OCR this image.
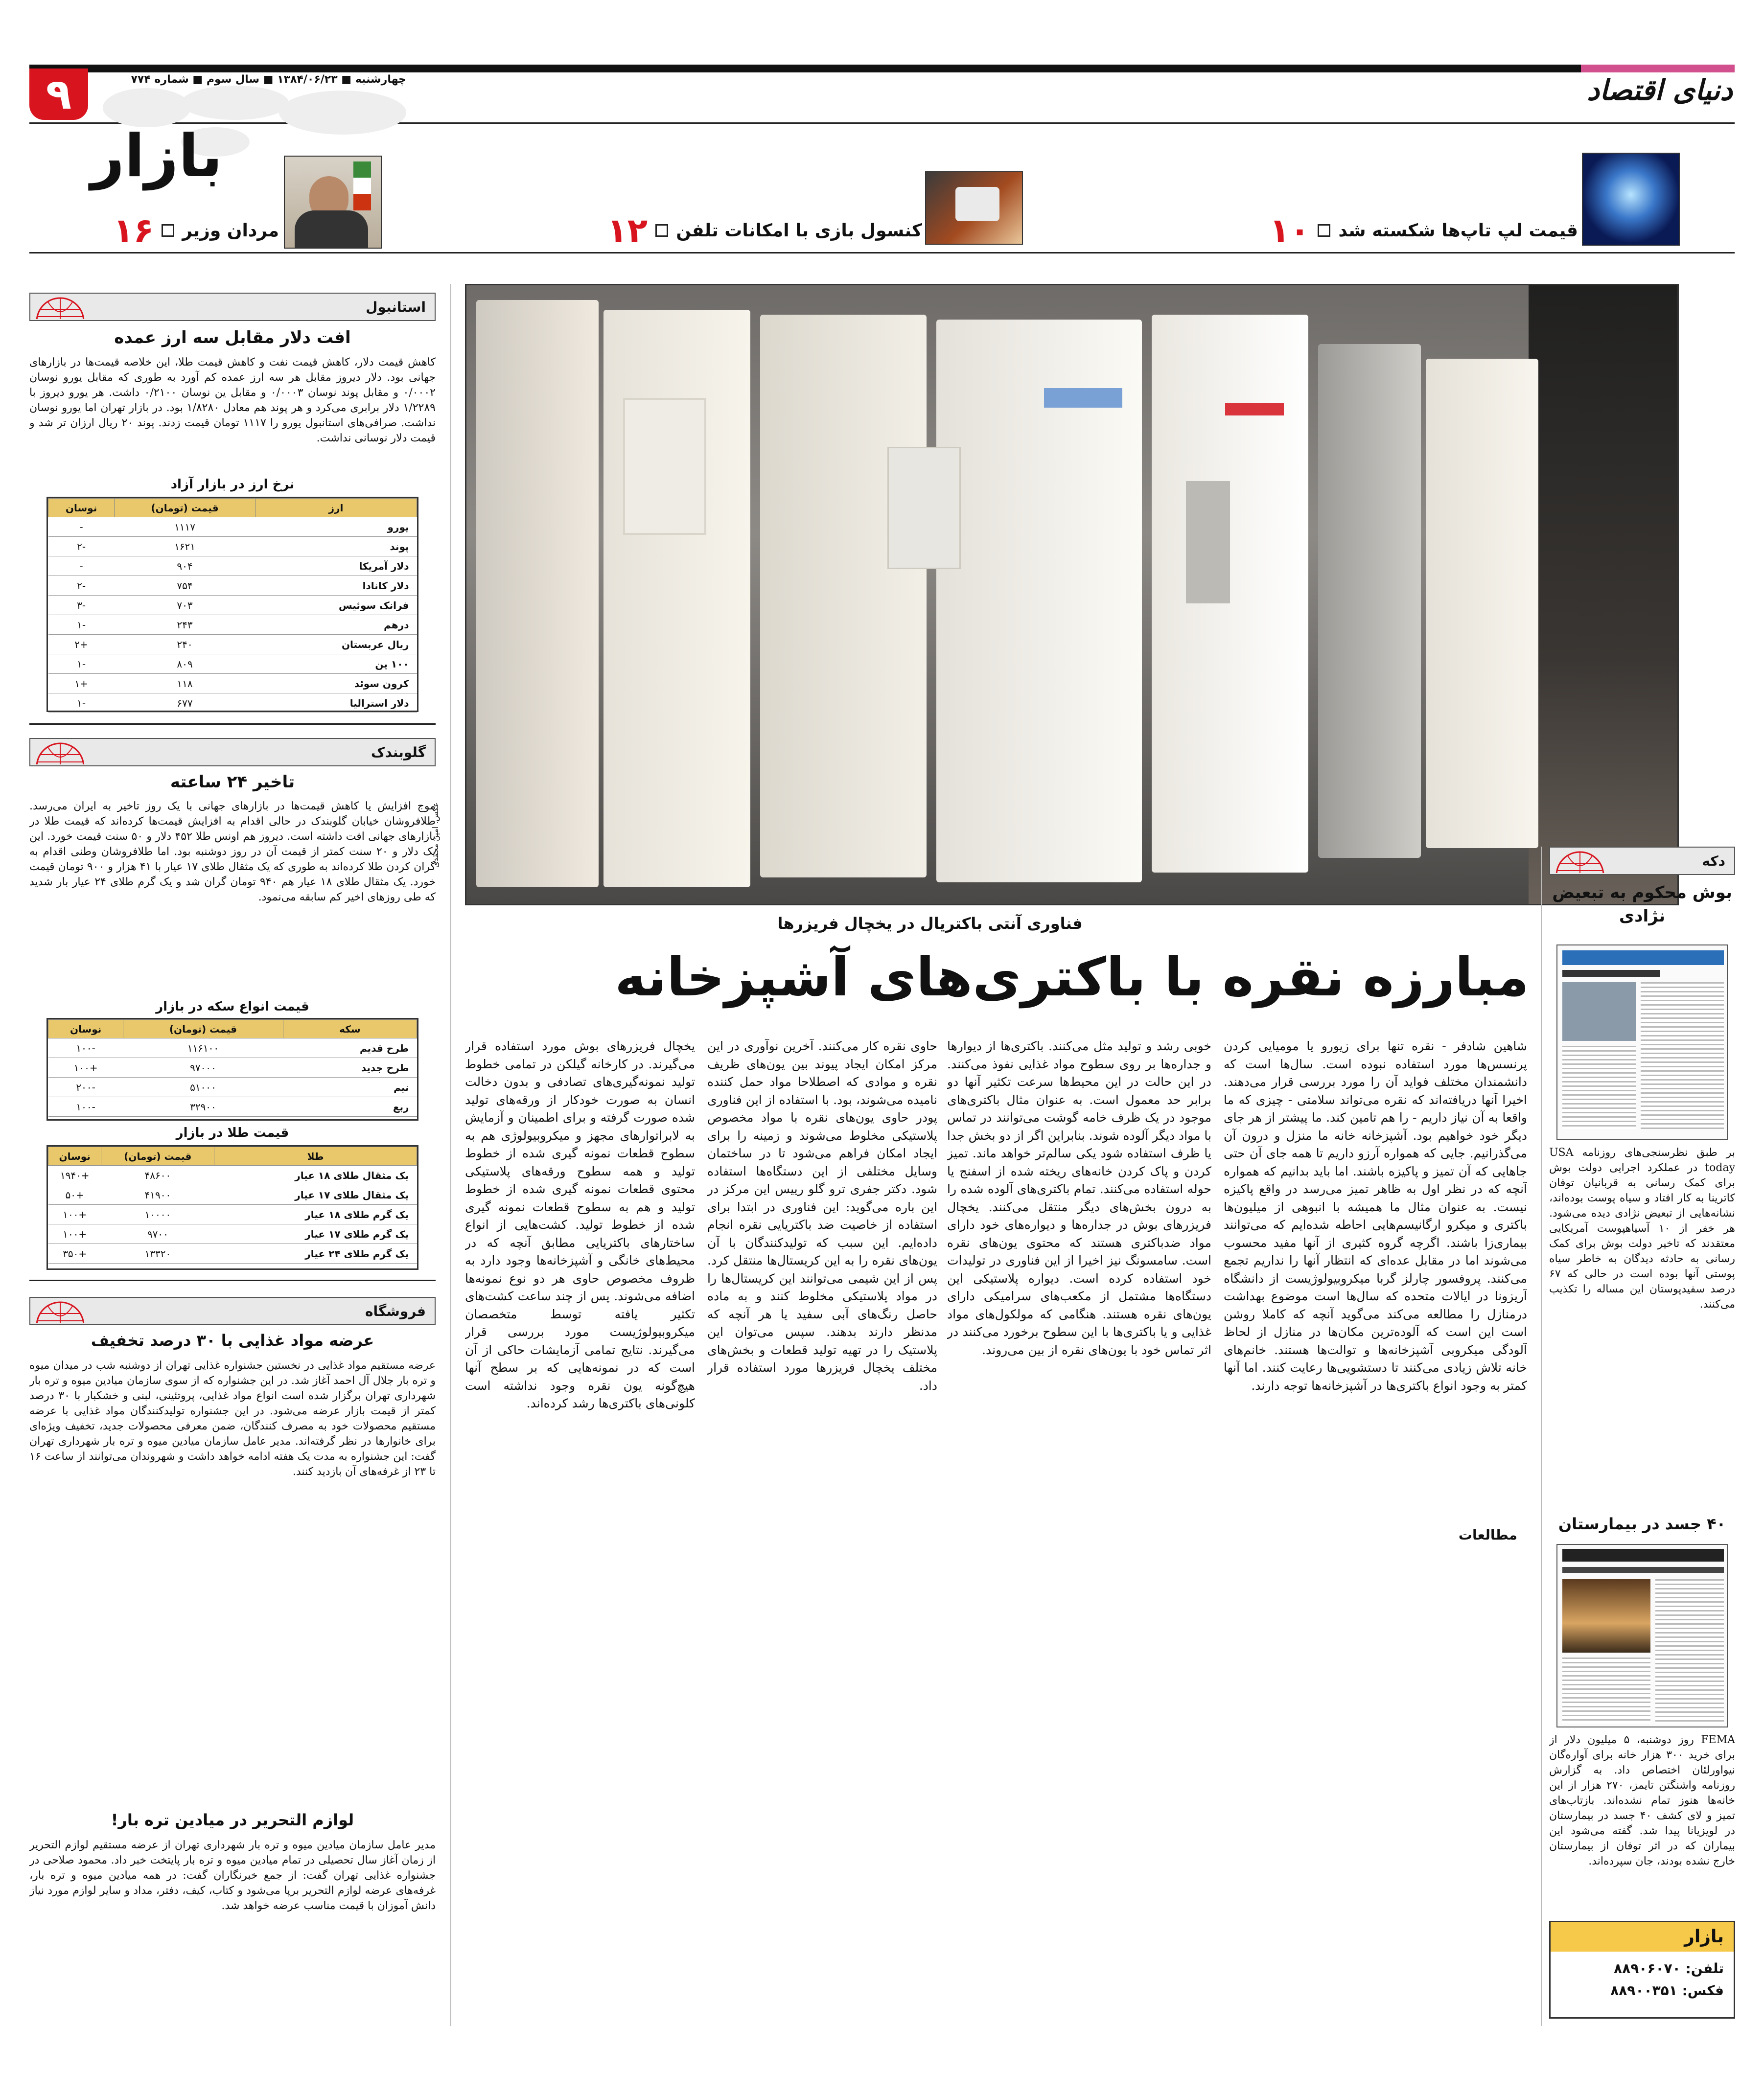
۹	چهارشنبه ■ ۱۳۸۴/۰۶/۲۳ ■ سال سوم ■ شماره ۷۷۴	دنیای اقتصاد
بازار
قیمت لپ تاپ‌ها شکسته شد
۱۰
کنسول بازی با امکانات تلفن
۱۲
مردان وزیر
۱۶
عکس: امین محمدی
فناوری آنتی باکتریال در یخچال فریزرها
مبارزه نقره با باکتری‌های آشپزخانه
شاهین شادفر - نقره تنها برای زیورو یا مومیایی کردن پرنسس‌ها مورد استفاده نبوده است. سال‌ها است که دانشمندان مختلف فواید آن را مورد بررسی قرار می‌دهند. اخیرا آنها دریافته‌اند که نقره می‌تواند سلامتی - چیزی که ما واقعا به آن نیاز داریم - را هم تامین کند. ما پیشتر از هر جای دیگر خود خواهیم بود. آشپزخانه خانه ما منزل و درون آن می‌گذرانیم. جایی که همواره آرزو داریم تا همه جای آن حتی جاهایی که آن تمیز و پاکیزه باشند. اما باید بدانیم که همواره آنچه که در نظر اول به ظاهر تمیز می‌رسد در واقع پاکیزه نیست. به عنوان مثال ما همیشه با انبوهی از میلیون‌ها باکتری و میکرو ارگانیسم‌هایی احاطه شده‌ایم که می‌توانند بیماری‌زا باشند. اگرچه گروه کثیری از آنها مفید محسوب می‌شوند اما در مقابل عده‌ای که انتظار آنها را نداریم تجمع می‌کنند. پروفسور چارلز گربا میکروبیولوژیست از دانشگاه آریزونا در ایالات متحده که سال‌ها است موضوع بهداشت درمنازل را مطالعه می‌کند می‌گوید آنچه که کاملا روشن است این است که آلوده‌ترین مکان‌ها در منازل از لحاظ آلودگی میکروبی آشپزخانه‌ها و توالت‌ها هستند. خانم‌های خانه تلاش زیادی می‌کنند تا دستشویی‌ها رعایت کنند. اما آنها کمتر به وجود انواع باکتری‌ها در آشپزخانه‌ها توجه دارند.
خوبی رشد و تولید مثل می‌کنند. باکتری‌ها از دیوارها و جداره‌ها بر روی سطوح مواد غذایی نفوذ می‌کنند. در این حالت در این محیط‌ها سرعت تکثیر آنها دو برابر حد معمول است. به عنوان مثال باکتری‌های موجود در یک ظرف خامه گوشت می‌توانند در تماس با مواد دیگر آلوده شوند. بنابراین اگر از دو بخش جدا یا ظرف استفاده شود یکی سالم‌تر خواهد ماند. تمیز کردن و پاک کردن خانه‌های ریخته شده از اسفنج یا حوله استفاده می‌کنند. تمام باکتری‌های آلوده شده را به درون بخش‌های دیگر منتقل می‌کنند. یخچال فریزرهای بوش در جداره‌ها و دیواره‌های خود دارای مواد ضدباکتری هستند که محتوی یون‌های نقره است. سامسونگ نیز اخیرا از این فناوری در تولیدات خود استفاده کرده است. دیواره پلاستیکی این دستگاه‌ها مشتمل از مکعب‌های سرامیکی دارای یون‌های نقره هستند. هنگامی که مولکول‌های مواد غذایی و یا باکتری‌ها با این سطوح برخورد می‌کنند در اثر تماس خود با یون‌های نقره از بین می‌روند.
حاوی نقره کار می‌کنند. آخرین نوآوری در این مرکز امکان ایجاد پیوند بین یون‌های ظریف نقره و موادی که اصطلاحا مواد حمل کننده نامیده می‌شوند، بود. با استفاده از این فناوری پودر حاوی یون‌های نقره با مواد مخصوص پلاستیکی مخلوط می‌شوند و زمینه را برای ایجاد امکان فراهم می‌شود تا در ساختمان وسایل مختلفی از این دستگاه‌ها استفاده شود. دکتر جفری ترو گلو رییس این مرکز در این باره می‌گوید: این فناوری در ابتدا برای استفاده از خاصیت ضد باکتریایی نقره انجام داده‌ایم. این سبب که تولیدکنندگان با آن یون‌های نقره را به این کریستال‌ها منتقل کرد. پس از این شیمی می‌توانند این کریستال‌ها را در مواد پلاستیکی مخلوط کنند و به ماده حاصل رنگ‌های آبی سفید یا هر آنچه که مدنظر دارند بدهند. سپس می‌توان این پلاستیک را در تهیه تولید قطعات و بخش‌های مختلف یخچال فریزرها مورد استفاده قرار داد.
یخچال فریزرهای بوش مورد استفاده قرار می‌گیرند. در کارخانه گیلکن در تمامی خطوط تولید نمونه‌گیری‌های تصادفی و بدون دخالت انسان به صورت خودکار از ورقه‌های تولید شده صورت گرفته و برای اطمینان و آزمایش به لابراتوارهای مجهز و میکروبیولوژی هم به سطوح قطعات نمونه گیری شده از خطوط تولید و همه سطوح ورقه‌های پلاستیکی محتوی قطعات نمونه گیری شده از خطوط تولید و هم به سطوح قطعات نمونه گیری شده از خطوط تولید. کشت‌هایی از انواع ساختارهای باکتریایی مطابق آنچه که در محیط‌های خانگی و آشپزخانه‌ها وجود دارد به ظروف مخصوص حاوی هر دو نوع نمونه‌ها اضافه می‌شوند. پس از چند ساعت کشت‌های تکثیر یافته توسط متخصصان میکروبیولوژیست مورد بررسی قرار می‌گیرند. نتایج تمامی آزمایشات حاکی از آن است که در نمونه‌هایی که بر سطح آنها هیچ‌گونه یون نقره وجود نداشته است کلونی‌های باکتری‌ها رشد کرده‌اند.
مطالعات
استانبول
افت دلار مقابل سه ارز عمده
کاهش قیمت دلار، کاهش قیمت نفت و کاهش قیمت طلا، این خلاصه قیمت‌ها در بازارهای جهانی بود. دلار دیروز مقابل هر سه ارز عمده کم آورد به طوری که مقابل یورو نوسان ۰/۰۰۰۲ و مقابل پوند نوسان ۰/۰۰۰۳ و مقابل ین نوسان ۰/۲۱۰۰ داشت. هر یورو دیروز با ۱/۲۲۸۹ دلار برابری می‌کرد و هر پوند هم معادل ۱/۸۲۸۰ بود. در بازار تهران اما یورو نوسان نداشت. صرافی‌های استانبول یورو را ۱۱۱۷ تومان قیمت زدند. پوند ۲۰ ریال ارزان تر شد و قیمت دلار نوسانی نداشت.
نرخ ارز در بازار آزاد
ارز	قیمت (تومان)	نوسان
یورو	۱۱۱۷	-
پوند	۱۶۲۱	-۲
دلار آمریکا	۹۰۴	-
دلار کانادا	۷۵۴	-۲
فرانک سوئیس	۷۰۳	-۳
درهم	۲۴۳	-۱
ریال عربستان	۲۴۰	+۲
۱۰۰ ین	۸۰۹	-۱
کرون سوئد	۱۱۸	+۱
دلار استرالیا	۶۷۷	-۱
گلوبندک
تاخیر ۲۴ ساعته
موج افزایش یا کاهش قیمت‌ها در بازارهای جهانی با یک روز تاخیر به ایران می‌رسد. طلافروشان خیابان گلوبندک در حالی اقدام به افزایش قیمت‌ها کرده‌اند که قیمت طلا در بازارهای جهانی افت داشته است. دیروز هم اونس طلا ۴۵۲ دلار و ۵۰ سنت قیمت خورد. این یک دلار و ۲۰ سنت کمتر از قیمت آن در روز دوشنبه بود. اما طلافروشان وطنی اقدام به گران کردن طلا کرده‌اند به طوری که یک مثقال طلای ۱۷ عیار با ۴۱ هزار و ۹۰۰ تومان قیمت خورد. یک مثقال طلای ۱۸ عیار هم ۹۴۰ تومان گران شد و یک گرم طلای ۲۴ عیار بار شدید که طی روزهای اخیر کم سابقه می‌نمود.
قیمت انواع سکه در بازار
سکه	قیمت (تومان)	نوسان
طرح قدیم	۱۱۶۱۰۰	-۱۰۰
طرح جدید	۹۷۰۰۰	+۱۰۰
نیم	۵۱۰۰۰	-۲۰۰
ربع	۳۲۹۰۰	-۱۰۰
قیمت طلا در بازار
طلا	قیمت (تومان)	نوسان
یک مثقال طلای ۱۸ عیار	۴۸۶۰۰	+۱۹۴۰
یک مثقال طلای ۱۷ عیار	۴۱۹۰۰	+۵۰
یک گرم طلای ۱۸ عیار	۱۰۰۰۰	+۱۰۰
یک گرم طلای ۱۷ عیار	۹۷۰۰	+۱۰۰
یک گرم طلای ۲۴ عیار	۱۳۳۲۰	+۳۵۰
فروشگاه
عرضه مواد غذایی با ۳۰ درصد تخفیف
عرضه مستقیم مواد غذایی در نخستین جشنواره غذایی تهران از دوشنبه شب در میدان میوه و تره بار جلال آل احمد آغاز شد. در این جشنواره که از سوی سازمان میادین میوه و تره بار شهرداری تهران برگزار شده است انواع مواد غذایی، پروتئینی، لبنی و خشکبار با ۳۰ درصد کمتر از قیمت بازار عرضه می‌شود. در این جشنواره تولیدکنندگان مواد غذایی با عرضه مستقیم محصولات خود به مصرف کنندگان، ضمن معرفی محصولات جدید، تخفیف ویژه‌ای برای خانوارها در نظر گرفته‌اند. مدیر عامل سازمان میادین میوه و تره بار شهرداری تهران گفت: این جشنواره به مدت یک هفته ادامه خواهد داشت و شهروندان می‌توانند از ساعت ۱۶ تا ۲۳ از غرفه‌های آن بازدید کنند.
لوازم التحریر در میادین تره بار!
مدیر عامل سازمان میادین میوه و تره بار شهرداری تهران از عرضه مستقیم لوازم التحریر از زمان آغاز سال تحصیلی در تمام میادین میوه و تره بار پایتخت خبر داد. محمود صلاحی در جشنواره غذایی تهران گفت: از جمع خبرنگاران گفت: در همه میادین میوه و تره بار، غرفه‌های عرضه لوازم التحریر برپا می‌شود و کتاب، کیف، دفتر، مداد و سایر لوازم مورد نیاز دانش آموزان با قیمت مناسب عرضه خواهد شد.
دکه
بوش محکوم به تبعیض نژادی
بر طبق نظرسنجی‌های روزنامه USA today در عملکرد اجرایی دولت بوش برای کمک رسانی به قربانیان توفان کاترینا به کار افتاد و سیاه پوست بوده‌اند، نشانه‌هایی از تبعیض نژادی دیده می‌شود. هر خفر از ۱۰ آسیاهپوست آمریکایی معتقدند که تاخیر دولت بوش برای کمک رسانی به حادثه دیدگان به خاطر سیاه پوستی آنها بوده است در حالی که ۶۷ درصد سفیدپوستان این مساله را تکذیب می‌کنند.
۴۰ جسد در بیمارستان
FEMA روز دوشنبه، ۵ میلیون دلار از برای خرید ۳۰۰ هزار خانه برای آواره‌گان نیواورلئان اختصاص داد. به گزارش روزنامه واشنگتن تایمز، ۲۷۰ هزار از این خانه‌ها هنوز تمام نشده‌اند. بازتاب‌های تمیز و لای کشف ۴۰ جسد در بیمارستان در لویزیانا پیدا شد. گفته می‌شود این بیماران که در اثر توفان از بیمارستان خارج نشده بودند، جان سپرده‌اند.
بازار
تلفن: ۸۸۹۰۶۰۷۰
فکس: ۸۸۹۰۰۳۵۱
